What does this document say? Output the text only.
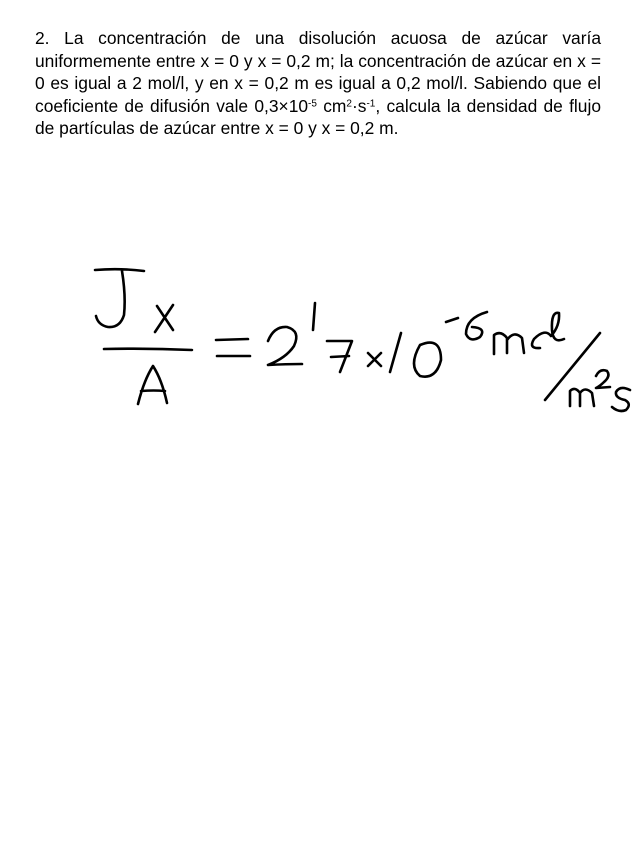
2. La concentración de una disolución acuosa de azúcar varía uniformemente entre x = 0 y x = 0,2 m; la concentración de azúcar en x = 0 es igual a 2 mol/l, y en x = 0,2 m es igual a 0,2 mol/l. Sabiendo que el coeficiente de difusión vale $0,3\times 10^{-5}$ $cm^2\cdot s^{-1}$, calcula la densidad de flujo de partículas de azúcar entre x = 0 y x = 0,2 m.
